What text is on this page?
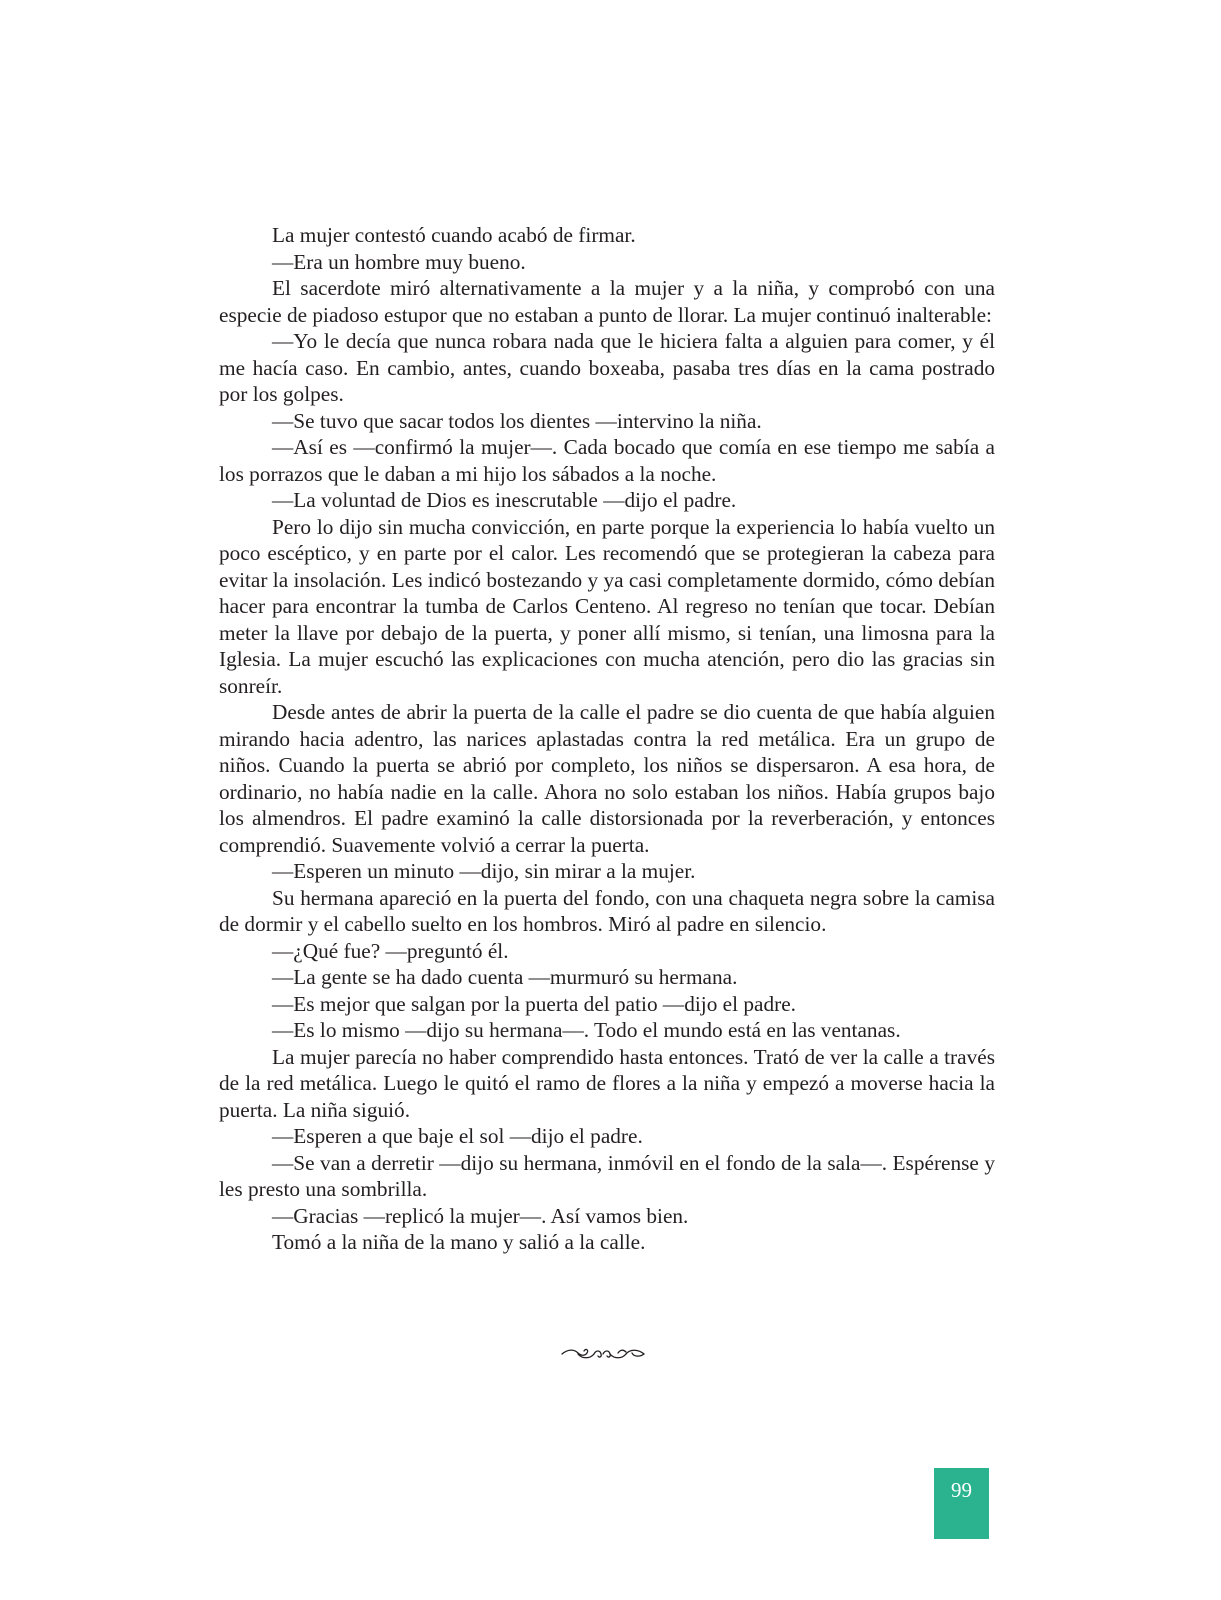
La mujer contestó cuando acabó de firmar.

—Era un hombre muy bueno.

El sacerdote miró alternativamente a la mujer y a la niña, y comprobó con una especie de piadoso estupor que no estaban a punto de llorar. La mujer continuó inalterable:

—Yo le decía que nunca robara nada que le hiciera falta a alguien para comer, y él me hacía caso. En cambio, antes, cuando boxeaba, pasaba tres días en la cama postrado por los golpes.

—Se tuvo que sacar todos los dientes —intervino la niña.

—Así es —confirmó la mujer—. Cada bocado que comía en ese tiempo me sabía a los porrazos que le daban a mi hijo los sábados a la noche.

—La voluntad de Dios es inescrutable —dijo el padre.

Pero lo dijo sin mucha convicción, en parte porque la experiencia lo había vuelto un poco escéptico, y en parte por el calor. Les recomendó que se protegieran la cabeza para evitar la insolación. Les indicó bostezando y ya casi completamente dormido, cómo debían hacer para encontrar la tumba de Carlos Centeno. Al regreso no tenían que tocar. Debían meter la llave por debajo de la puerta, y poner allí mismo, si tenían, una limosna para la Iglesia. La mujer escuchó las explicaciones con mucha atención, pero dio las gracias sin sonreír.

Desde antes de abrir la puerta de la calle el padre se dio cuenta de que había alguien mirando hacia adentro, las narices aplastadas contra la red metálica. Era un grupo de niños. Cuando la puerta se abrió por completo, los niños se dispersaron. A esa hora, de ordinario, no había nadie en la calle. Ahora no solo estaban los niños. Había grupos bajo los almendros. El padre examinó la calle distorsionada por la reverberación, y entonces comprendió. Suavemente volvió a cerrar la puerta.

—Esperen un minuto —dijo, sin mirar a la mujer.

Su hermana apareció en la puerta del fondo, con una chaqueta negra sobre la camisa de dormir y el cabello suelto en los hombros. Miró al padre en silencio.

—¿Qué fue? —preguntó él.

—La gente se ha dado cuenta —murmuró su hermana.

—Es mejor que salgan por la puerta del patio —dijo el padre.

—Es lo mismo —dijo su hermana—. Todo el mundo está en las ventanas.

La mujer parecía no haber comprendido hasta entonces. Trató de ver la calle a través de la red metálica. Luego le quitó el ramo de flores a la niña y empezó a moverse hacia la puerta. La niña siguió.

—Esperen a que baje el sol —dijo el padre.

—Se van a derretir —dijo su hermana, inmóvil en el fondo de la sala—. Espérense y les presto una sombrilla.

—Gracias —replicó la mujer—. Así vamos bien.

Tomó a la niña de la mano y salió a la calle.

99
